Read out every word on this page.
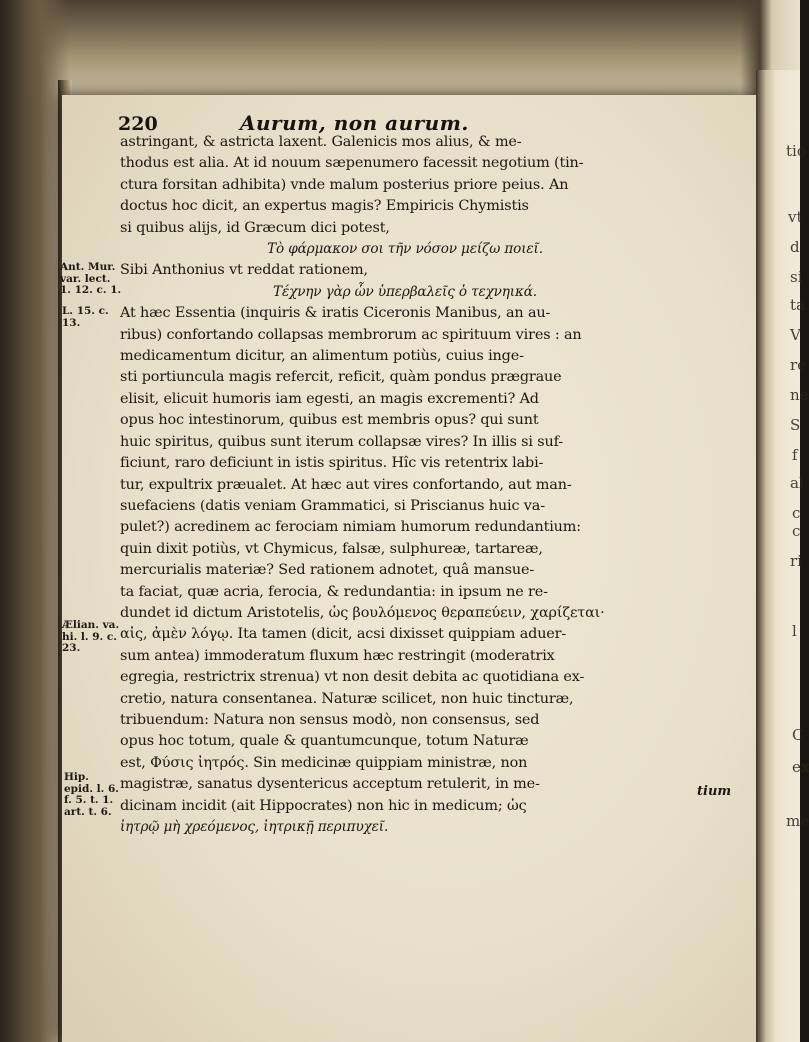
tio
vt
d
si
ta
V
re
ne
S
f
al
c
c
ri
l
C
ex
me
220	Aurum, non aurum.
astringant, & astricta laxent. Galenicis mos alius, & me-
thodus est alia. At id nouum sæpenumero facessit negotium (tin-
ctura forsitan adhibita) vnde malum posterius priore peius. An
doctus hoc dicit, an expertus magis? Empiricis Chymistis
si quibus alijs, id Græcum dici potest,
Τὸ φάρμακον σοι τῆν νόσον μείζω ποιεῖ.
Sibi Anthonius vt reddat rationem,
Τέχνην γὰρ ὧν ὑπερβαλεῖς ὁ τεχνηικά.
At hæc Essentia (inquiris & iratis Ciceronis Manibus, an au-
ribus) confortando collapsas membrorum ac spirituum vires : an
medicamentum dicitur, an alimentum potiùs, cuius inge-
sti portiuncula magis refercit, reficit, quàm pondus prægraue
elisit, elicuit humoris iam egesti, an magis excrementi? Ad
opus hoc intestinorum, quibus est membris opus? qui sunt
huic spiritus, quibus sunt iterum collapsæ vires? In illis si suf-
ficiunt, raro deficiunt in istis spiritus. Hîc vis retentrix labi-
tur, expultrix præualet. At hæc aut vires confortando, aut man-
suefaciens (datis veniam Grammatici, si Priscianus huic va-
pulet?) acredinem ac ferociam nimiam humorum redundantium:
quin dixit potiùs, vt Chymicus, falsæ, sulphureæ, tartareæ,
mercurialis materiæ? Sed rationem adnotet, quâ mansue-
ta faciat, quæ acria, ferocia, & redundantia: in ipsum ne re-
dundet id dictum Aristotelis, ὡς βουλόμενος θεραπεύειν, χαρίζεται·
αἰς, ἀμὲν λόγῳ. Ita tamen (dicit, acsi dixisset quippiam aduer-
sum antea) immoderatum fluxum hæc restringit (moderatrix
egregia, restrictrix strenua) vt non desit debita ac quotidiana ex-
cretio, natura consentanea. Naturæ scilicet, non huic tincturæ,
tribuendum: Natura non sensus modò, non consensus, sed
opus hoc totum, quale & quantumcunque, totum Naturæ
est, Φύσις ἰητρός. Sin medicinæ quippiam ministræ, non
magistræ, sanatus dysentericus acceptum retulerit, in me-
dicinam incidit (ait Hippocrates) non hic in medicum; ὡς
ἰητρῷ μὴ χρεόμενος, ἰητρικῇ περιπυχεῖ.
Ant. Mur. var. lect. 1. 12. c. 1.
L. 15. c. 13.
Ælian. va. hi. l. 9. c. 23.
Hip. epid. l. 6. f. 5. t. 1. art. t. 6.
tium
